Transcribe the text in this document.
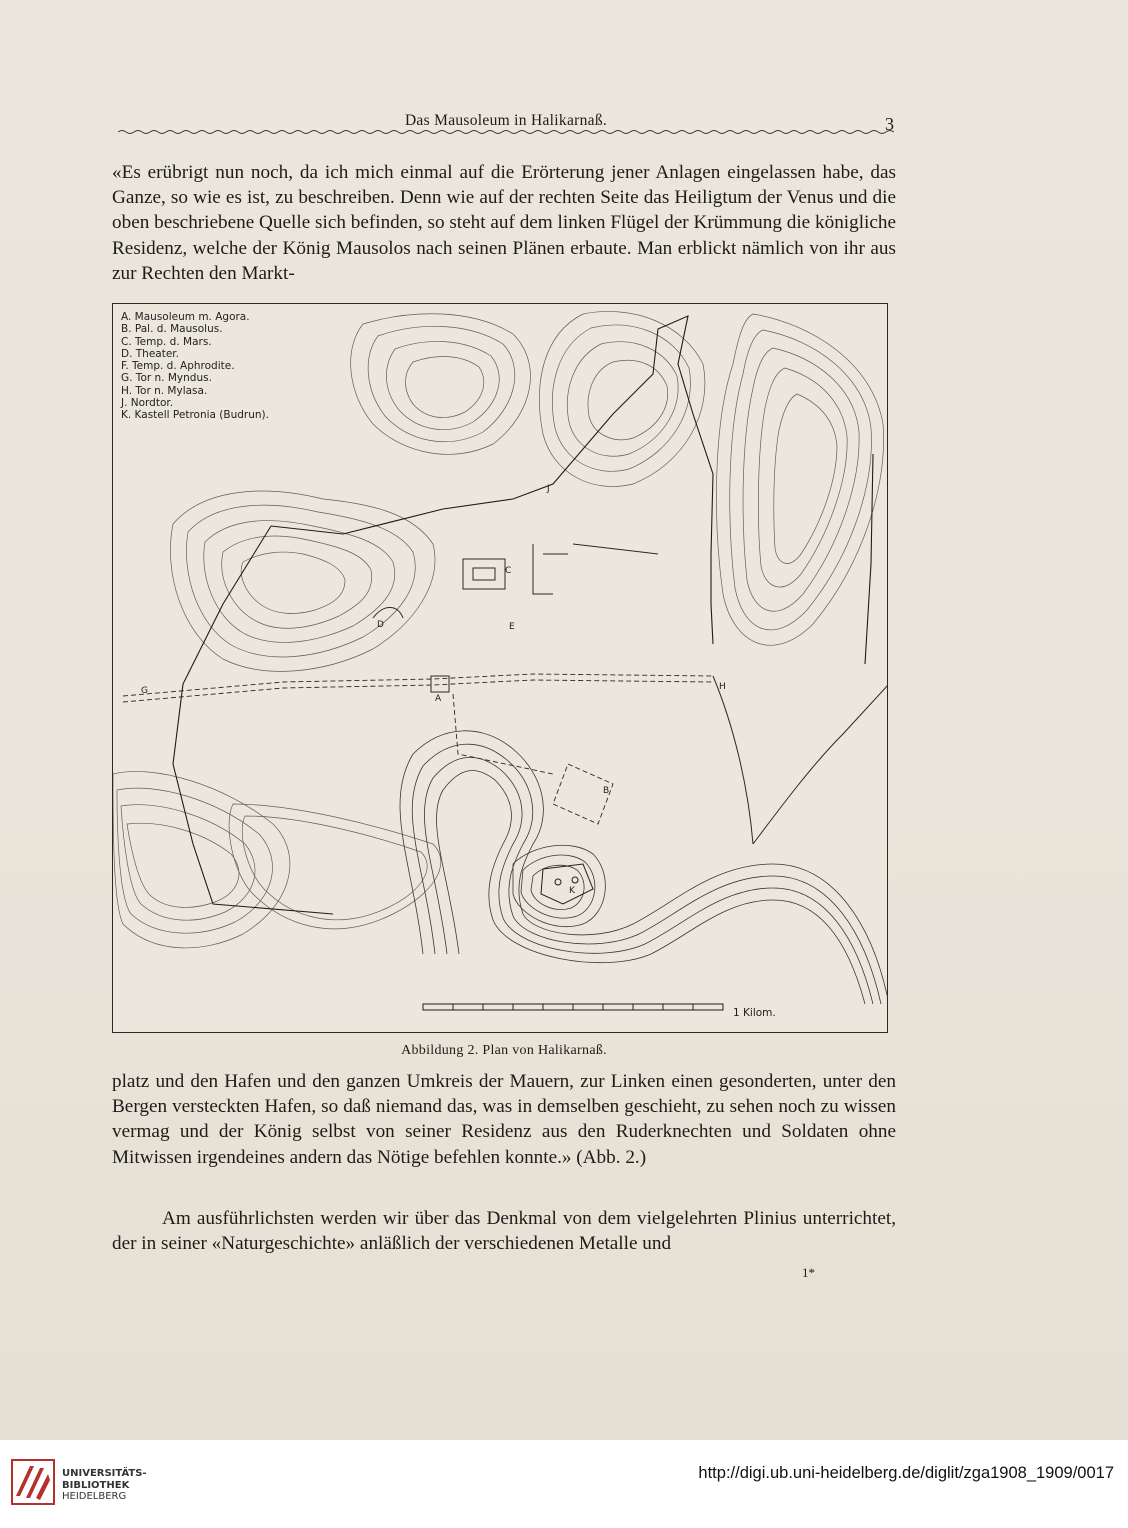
Das Mausoleum in Halikarnaß.	3

«Es erübrigt nun noch, da ich mich einmal auf die Erörterung jener Anlagen eingelassen habe, das Ganze, so wie es ist, zu beschreiben. Denn wie auf der rechten Seite das Heiligtum der Venus und die oben beschriebene Quelle sich befinden, so steht auf dem linken Flügel der Krümmung die königliche Residenz, welche der König Mausolos nach seinen Plänen erbaute. Man erblickt nämlich von ihr aus zur Rechten den Markt-

A. Mausoleum m. Agora.
B. Pal. d. Mausolus.
C. Temp. d. Mars.
D. Theater.
F. Temp. d. Aphrodite.
G. Tor n. Myndus.
H. Tor n. Mylasa.
J. Nordtor.
K. Kastell Petronia (Budrun).
A
B
C
D	E
G	H
J
K
1 Kilom.
Abbildung 2. Plan von Halikarnaß.

platz und den Hafen und den ganzen Umkreis der Mauern, zur Linken einen gesonderten, unter den Bergen versteckten Hafen, so daß niemand das, was in demselben geschieht, zu sehen noch zu wissen vermag und der König selbst von seiner Residenz aus den Ruderknechten und Soldaten ohne Mitwissen irgendeines andern das Nötige befehlen konnte.» (Abb. 2.)

Am ausführlichsten werden wir über das Denkmal von dem vielgelehrten Plinius unterrichtet, der in seiner «Naturgeschichte» anläßlich der verschiedenen Metalle und

1*
UNIVERSITÄTS-
BIBLIOTHEK
HEIDELBERG
http://digi.ub.uni-heidelberg.de/diglit/zga1908_1909/0017
